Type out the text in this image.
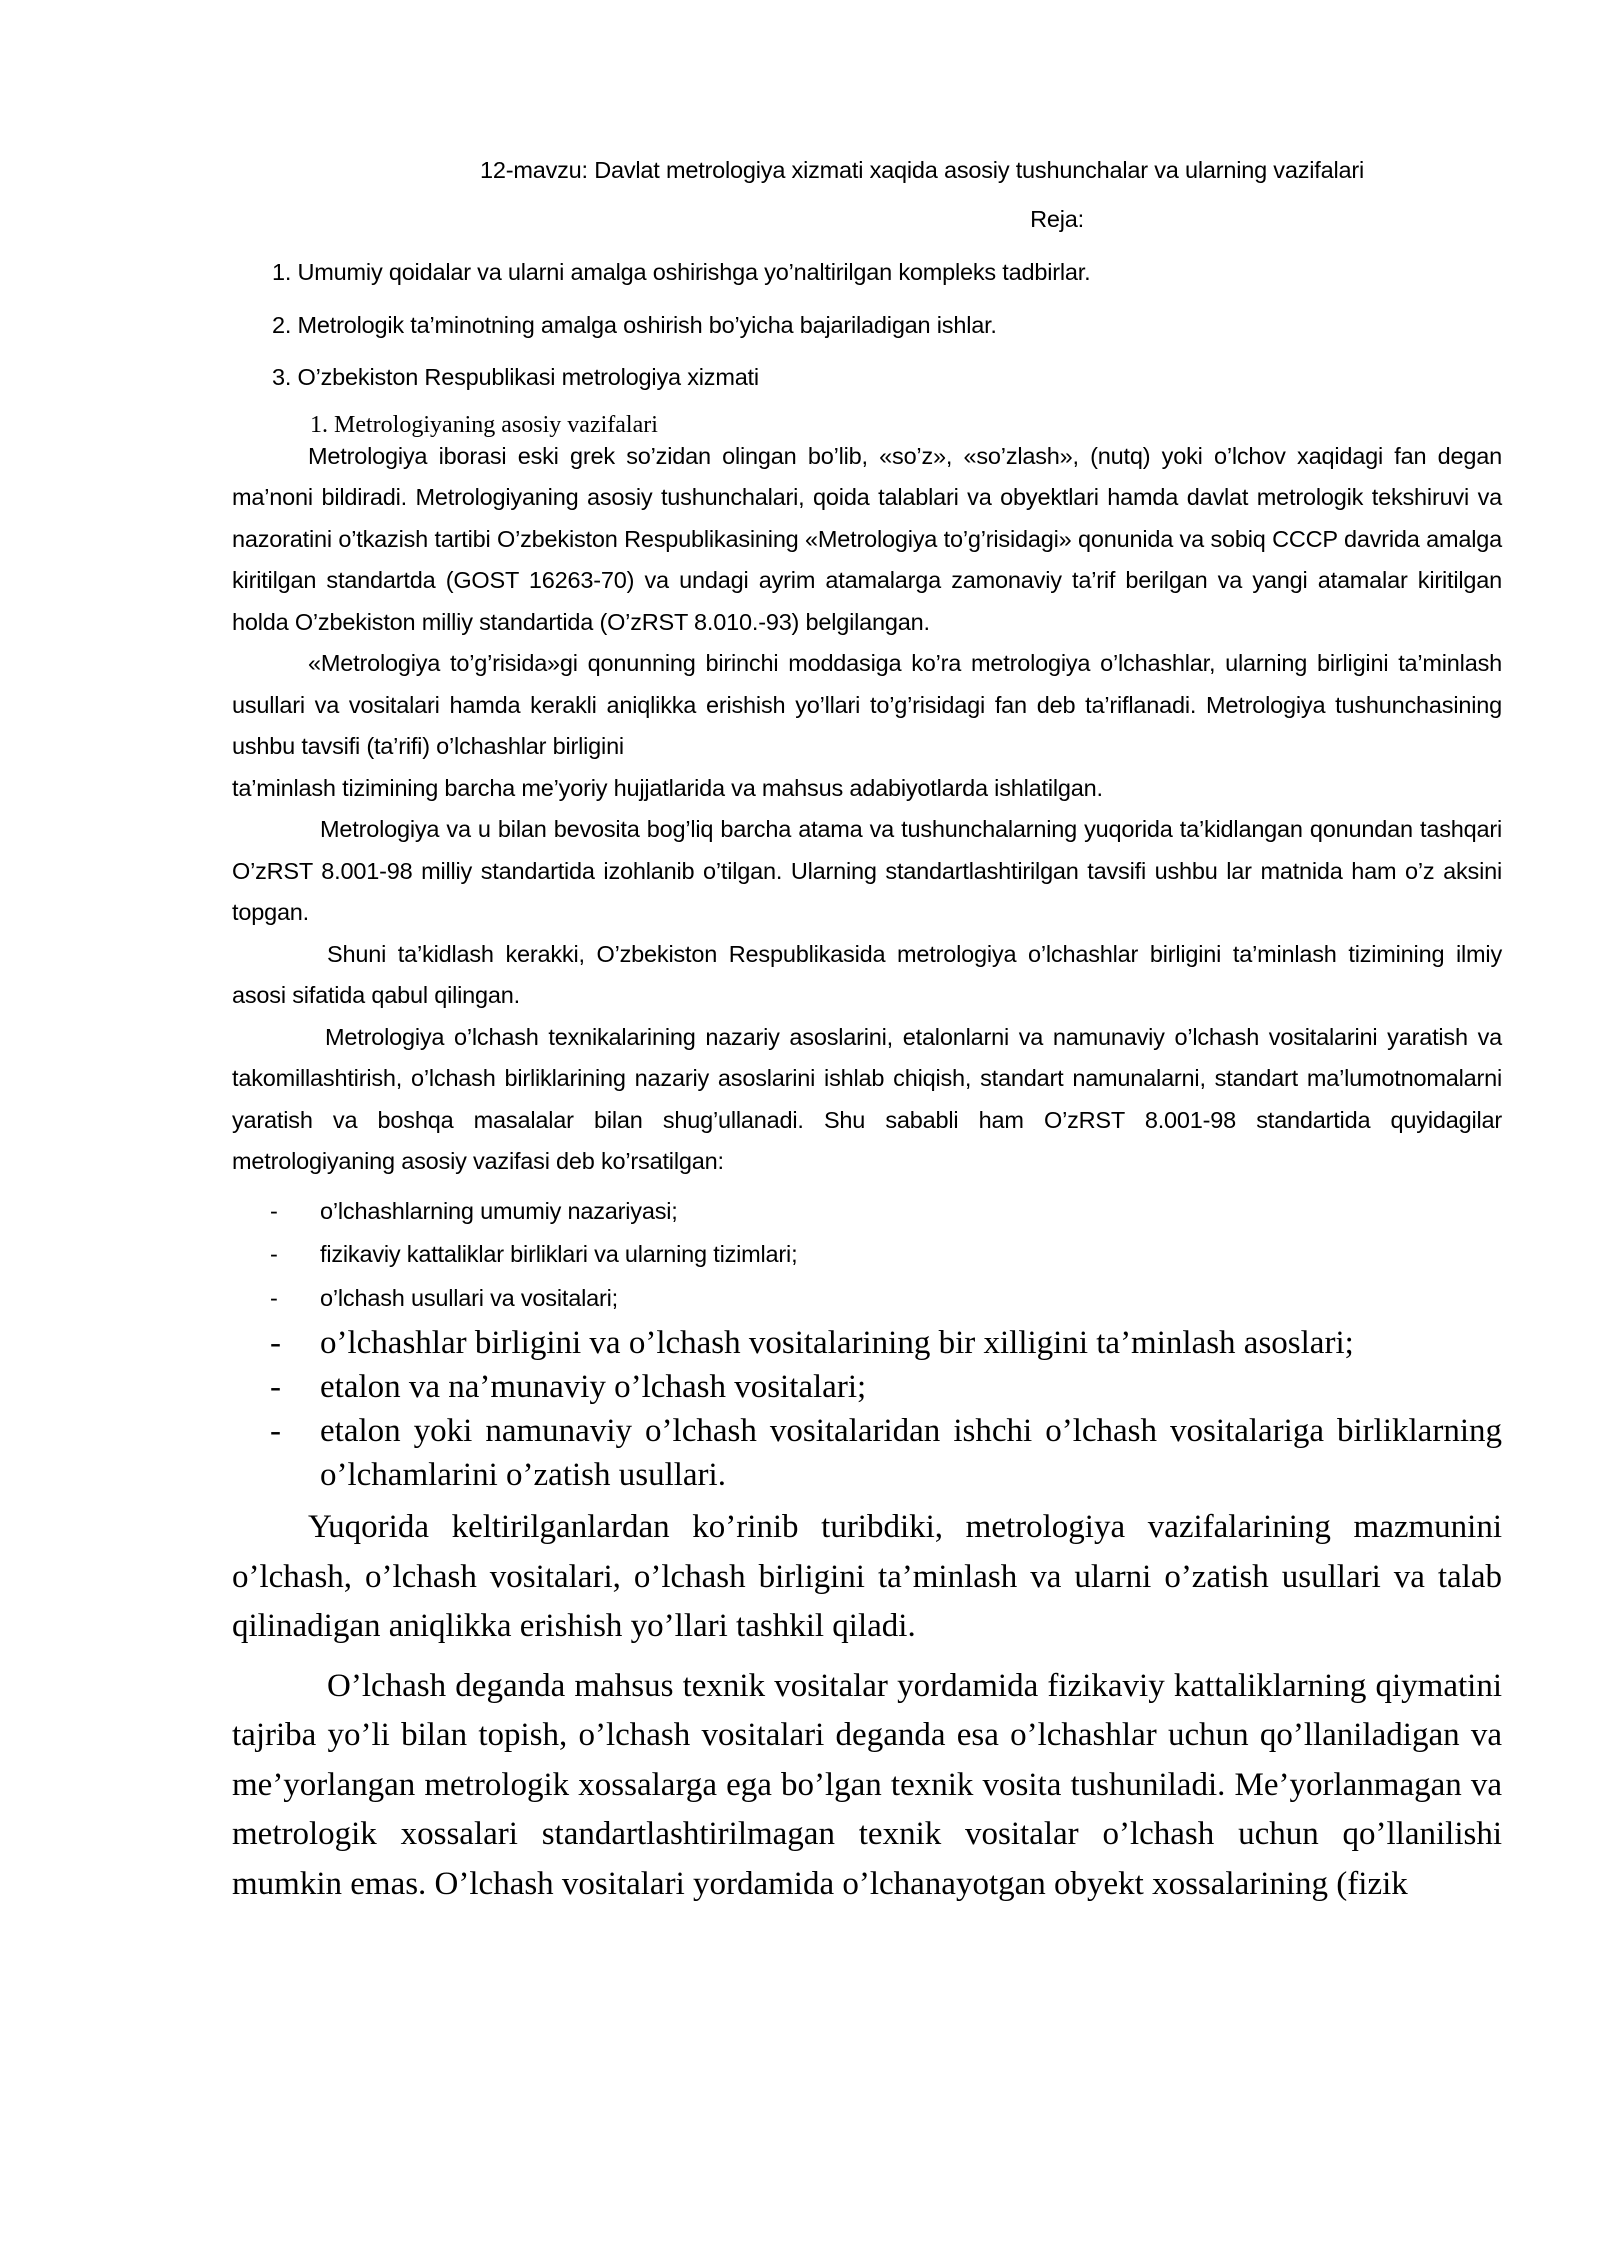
12-mavzu: Davlat metrologiya xizmati xaqida asosiy tushunchalar va ularning vazifalari

Reja:

1. Umumiy qoidalar va ularni amalga oshirishga yo’naltirilgan kompleks tadbirlar.
2. Metrologik ta’minotning amalga oshirish bo’yicha bajariladigan ishlar.
3. O’zbekiston Respublikasi metrologiya xizmati

1. Metrologiyaning asosiy vazifalari

Metrologiya iborasi eski grek so’zidan olingan bo’lib, «so’z», «so’zlash», (nutq) yoki o’lchov xaqidagi fan degan ma’noni bildiradi. Metrologiyaning asosiy tushunchalari, qoida talablari va obyektlari hamda davlat metrologik tekshiruvi va nazoratini o’tkazish tartibi O’zbekiston Respublikasining «Metrologiya to’g’risidagi» qonunida va sobiq CCCP davrida amalga kiritilgan standartda (GOST 16263-70) va undagi ayrim atamalarga zamonaviy ta’rif berilgan va yangi atamalar kiritilgan holda O’zbekiston milliy standartida (O’zRST 8.010.-93) belgilangan.

«Metrologiya to’g’risida»gi qonunning birinchi moddasiga ko’ra metrologiya o’lchashlar, ularning birligini ta’minlash usullari va vositalari hamda kerakli aniqlikka erishish yo’llari to’g’risidagi fan deb ta’riflanadi. Metrologiya tushunchasining ushbu tavsifi (ta’rifi) o’lchashlar birligini

ta’minlash tizimining barcha me’yoriy hujjatlarida va mahsus adabiyotlarda ishlatilgan.

Metrologiya va u bilan bevosita bog’liq barcha atama va tushunchalarning yuqorida ta’kidlangan qonundan tashqari O’zRST 8.001-98 milliy standartida izohlanib o’tilgan. Ularning standartlashtirilgan tavsifi ushbu lar matnida ham o’z aksini topgan.

Shuni ta’kidlash kerakki, O’zbekiston Respublikasida metrologiya o’lchashlar birligini ta’minlash tizimining ilmiy asosi sifatida qabul qilingan.

Metrologiya o’lchash texnikalarining nazariy asoslarini, etalonlarni va namunaviy o’lchash vositalarini yaratish va takomillashtirish, o’lchash birliklarining nazariy asoslarini ishlab chiqish, standart namunalarni, standart ma’lumotnomalarni yaratish va boshqa masalalar bilan shug’ullanadi. Shu sababli ham O’zRST 8.001-98 standartida quyidagilar metrologiyaning asosiy vazifasi deb ko’rsatilgan:

- o’lchashlarning umumiy nazariyasi;
- fizikaviy kattaliklar birliklari va ularning tizimlari;
- o’lchash usullari va vositalari;
- o’lchashlar birligini va o’lchash vositalarining bir xilligini ta’minlash asoslari;
- etalon va na’munaviy o’lchash vositalari;
- etalon yoki namunaviy o’lchash vositalaridan ishchi o’lchash vositalariga birliklarning o’lchamlarini o’zatish usullari.

Yuqorida keltirilganlardan ko’rinib turibdiki, metrologiya vazifalarining mazmunini o’lchash, o’lchash vositalari, o’lchash birligini ta’minlash va ularni o’zatish usullari va talab qilinadigan aniqlikka erishish yo’llari tashkil qiladi.

O’lchash deganda mahsus texnik vositalar yordamida fizikaviy kattaliklarning qiymatini tajriba yo’li bilan topish, o’lchash vositalari deganda esa o’lchashlar uchun qo’llaniladigan va me’yorlangan metrologik xossalarga ega bo’lgan texnik vosita tushuniladi. Me’yorlanmagan va metrologik xossalari standartlashtirilmagan texnik vositalar o’lchash uchun qo’llanilishi mumkin emas. O’lchash vositalari yordamida o’lchanayotgan obyekt xossalarining (fizik
